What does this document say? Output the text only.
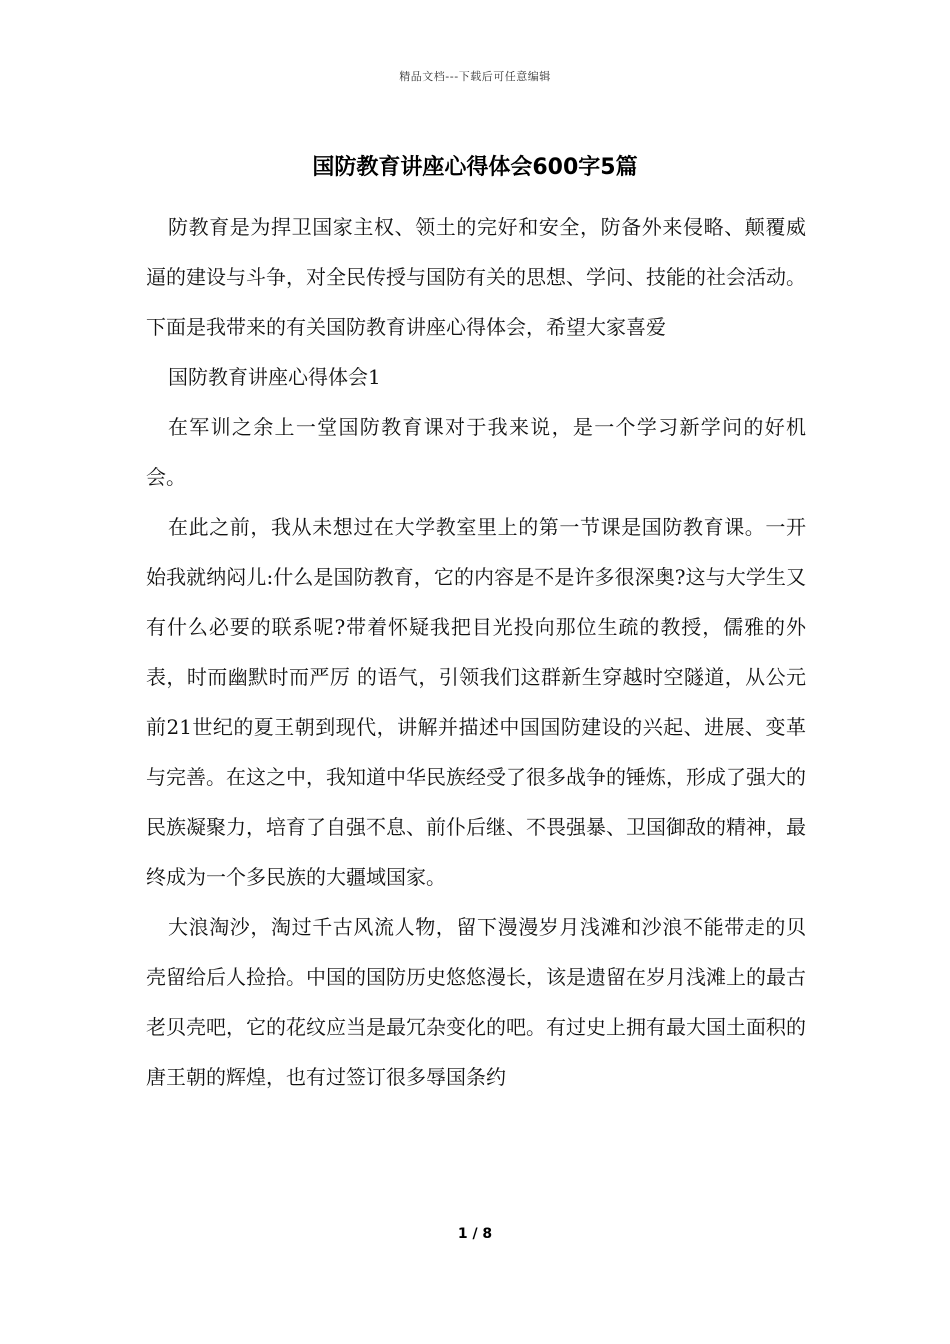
精品文档---下载后可任意编辑
国防教育讲座心得体会600字5篇

防教育是为捍卫国家主权、领土的完好和安全，防备外来侵略、颠覆威逼的建设与斗争，对全民传授与国防有关的思想、学问、技能的社会活动。下面是我带来的有关国防教育讲座心得体会，希望大家喜爱

国防教育讲座心得体会1

在军训之余上一堂国防教育课对于我来说，是一个学习新学问的好机会。

在此之前，我从未想过在大学教室里上的第一节课是国防教育课。一开始我就纳闷儿:什么是国防教育，它的内容是不是许多很深奥?这与大学生又有什么必要的联系呢?带着怀疑我把目光投向那位生疏的教授，儒雅的外表，时而幽默时而严厉 的语气，引领我们这群新生穿越时空隧道，从公元前21世纪的夏王朝到现代，讲解并描述中国国防建设的兴起、进展、变革与完善。在这之中，我知道中华民族经受了很多战争的锤炼，形成了强大的民族凝聚力，培育了自强不息、前仆后继、不畏强暴、卫国御敌的精神，最终成为一个多民族的大疆域国家。

大浪淘沙，淘过千古风流人物，留下漫漫岁月浅滩和沙浪不能带走的贝壳留给后人捡拾。中国的国防历史悠悠漫长，该是遗留在岁月浅滩上的最古老贝壳吧，它的花纹应当是最冗杂变化的吧。有过史上拥有最大国土面积的唐王朝的辉煌，也有过签订很多辱国条约

1 / 8
